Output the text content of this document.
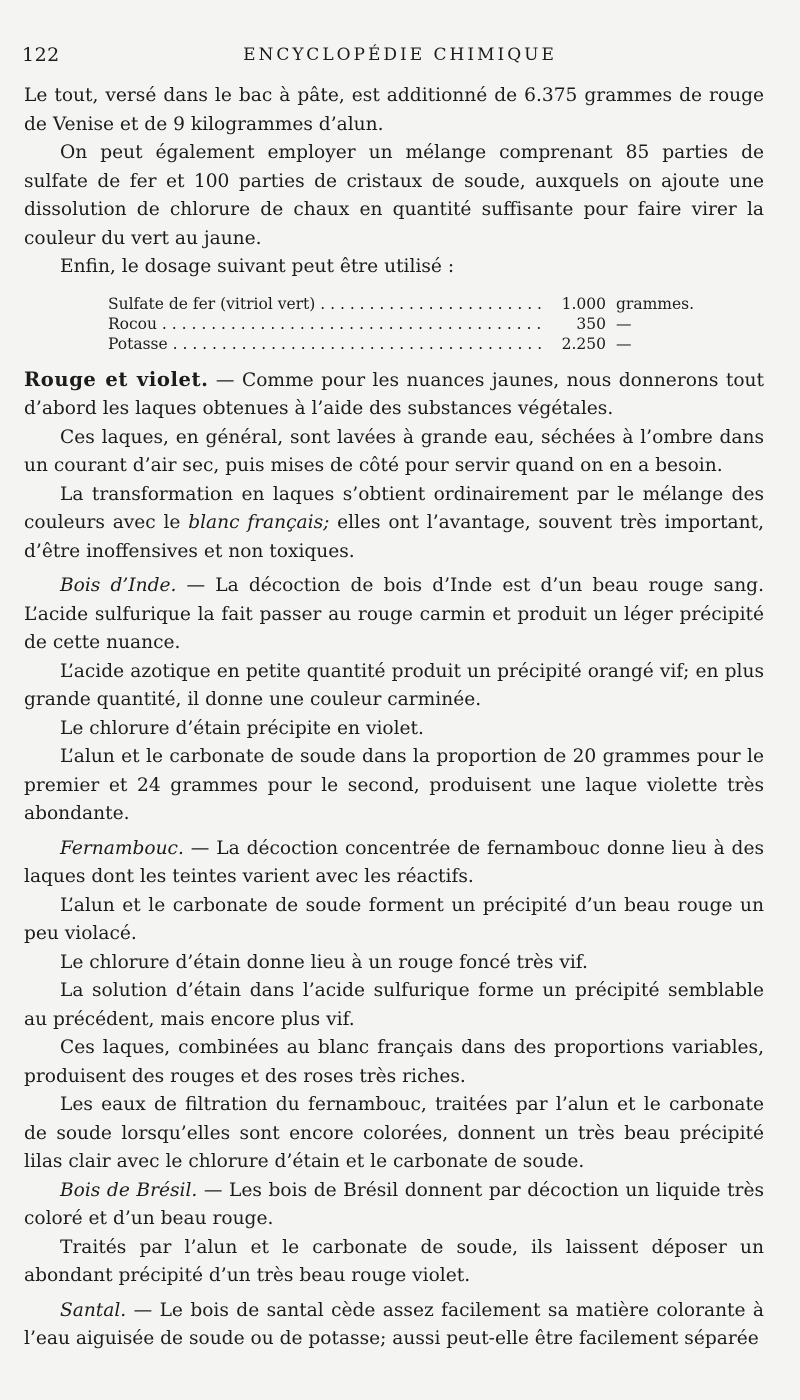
122	ENCYCLOPÉDIE CHIMIQUE

Le tout, versé dans le bac à pâte, est additionné de 6.375 grammes de rouge de Venise et de 9 kilogrammes d’alun.

On peut également employer un mélange comprenant 85 parties de sulfate de fer et 100 parties de cristaux de soude, auxquels on ajoute une dissolution de chlorure de chaux en quantité suffisante pour faire virer la couleur du vert au jaune.

Enfin, le dosage suivant peut être utilisé :

Sulfate de fer (vitriol vert) . . .	1.000 grammes.
Rocou . . .	350 —
Potasse . . .	2.250 —

Rouge et violet. — Comme pour les nuances jaunes, nous donnerons tout d’abord les laques obtenues à l’aide des substances végétales.

Ces laques, en général, sont lavées à grande eau, séchées à l’ombre dans un courant d’air sec, puis mises de côté pour servir quand on en a besoin.

La transformation en laques s’obtient ordinairement par le mélange des couleurs avec le blanc français; elles ont l’avantage, souvent très important, d’être inoffensives et non toxiques.

Bois d’Inde. — La décoction de bois d’Inde est d’un beau rouge sang. L’acide sulfurique la fait passer au rouge carmin et produit un léger précipité de cette nuance.

L’acide azotique en petite quantité produit un précipité orangé vif; en plus grande quantité, il donne une couleur carminée.

Le chlorure d’étain précipite en violet.

L’alun et le carbonate de soude dans la proportion de 20 grammes pour le premier et 24 grammes pour le second, produisent une laque violette très abondante.

Fernambouc. — La décoction concentrée de fernambouc donne lieu à des laques dont les teintes varient avec les réactifs.

L’alun et le carbonate de soude forment un précipité d’un beau rouge un peu violacé.

Le chlorure d’étain donne lieu à un rouge foncé très vif.

La solution d’étain dans l’acide sulfurique forme un précipité semblable au précédent, mais encore plus vif.

Ces laques, combinées au blanc français dans des proportions variables, produisent des rouges et des roses très riches.

Les eaux de filtration du fernambouc, traitées par l’alun et le carbonate de soude lorsqu’elles sont encore colorées, donnent un très beau précipité lilas clair avec le chlorure d’étain et le carbonate de soude.

Bois de Brésil. — Les bois de Brésil donnent par décoction un liquide très coloré et d’un beau rouge.

Traités par l’alun et le carbonate de soude, ils laissent déposer un abondant précipité d’un très beau rouge violet.

Santal. — Le bois de santal cède assez facilement sa matière colorante à l’eau aiguisée de soude ou de potasse; aussi peut-elle être facilement séparée
